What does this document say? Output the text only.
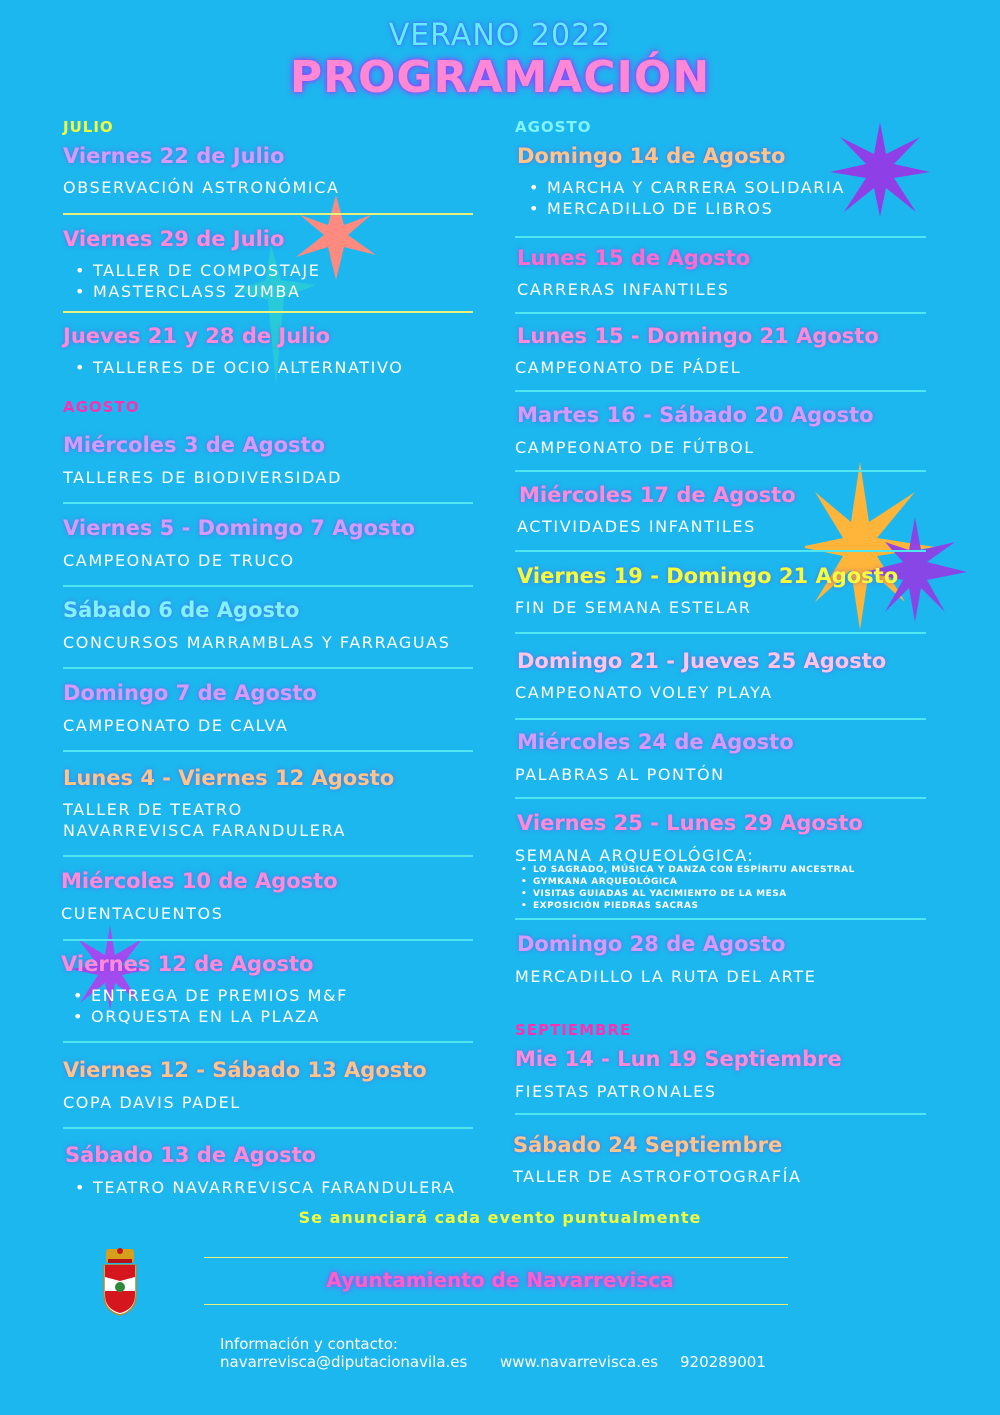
VERANO 2022
PROGRAMACIÓN
JULIO
Viernes 22 de Julio
OBSERVACIÓN ASTRONÓMICA
Viernes 29 de Julio
• TALLER DE COMPOSTAJE
• MASTERCLASS ZUMBA
Jueves 21 y 28 de Julio
• TALLERES DE OCIO ALTERNATIVO
AGOSTO
Miércoles 3 de Agosto
TALLERES DE BIODIVERSIDAD
Viernes 5 - Domingo 7 Agosto
CAMPEONATO DE TRUCO
Sábado 6 de Agosto
CONCURSOS MARRAMBLAS Y FARRAGUAS
Domingo 7 de Agosto
CAMPEONATO DE CALVA
Lunes 4 - Viernes 12 Agosto
TALLER DE TEATRO
NAVARREVISCA FARANDULERA
Miércoles 10 de Agosto
CUENTACUENTOS
Viernes 12 de Agosto
• ENTREGA DE PREMIOS M&F
• ORQUESTA EN LA PLAZA
Viernes 12 - Sábado 13 Agosto
COPA DAVIS PADEL
Sábado 13 de Agosto
• TEATRO NAVARREVISCA FARANDULERA
AGOSTO
Domingo 14 de Agosto
• MARCHA Y CARRERA SOLIDARIA
• MERCADILLO DE LIBROS
Lunes 15 de Agosto
CARRERAS INFANTILES
Lunes 15 - Domingo 21 Agosto
CAMPEONATO DE PÁDEL
Martes 16 - Sábado 20 Agosto
CAMPEONATO DE FÚTBOL
Miércoles 17 de Agosto
ACTIVIDADES INFANTILES
Viernes 19 - Domingo 21 Agosto
FIN DE SEMANA ESTELAR
Domingo 21 - Jueves 25 Agosto
CAMPEONATO VOLEY PLAYA
Miércoles 24 de Agosto
PALABRAS AL PONTÓN
Viernes 25 - Lunes 29 Agosto
SEMANA ARQUEOLÓGICA:
• LO SAGRADO, MÚSICA Y DANZA CON ESPÍRITU ANCESTRAL
• GYMKANA ARQUEOLÓGICA
• VISITAS GUIADAS AL YACIMIENTO DE LA MESA
• EXPOSICIÓN PIEDRAS SACRAS
Domingo 28 de Agosto
MERCADILLO LA RUTA DEL ARTE
SEPTIEMBRE
Mie 14 - Lun 19 Septiembre
FIESTAS PATRONALES
Sábado 24 Septiembre
TALLER DE ASTROFOTOGRAFÍA
Se anunciará cada evento puntualmente
Ayuntamiento de Navarrevisca
Información y contacto:
navarrevisca@diputacionavila.es www.navarrevisca.es 920289001
